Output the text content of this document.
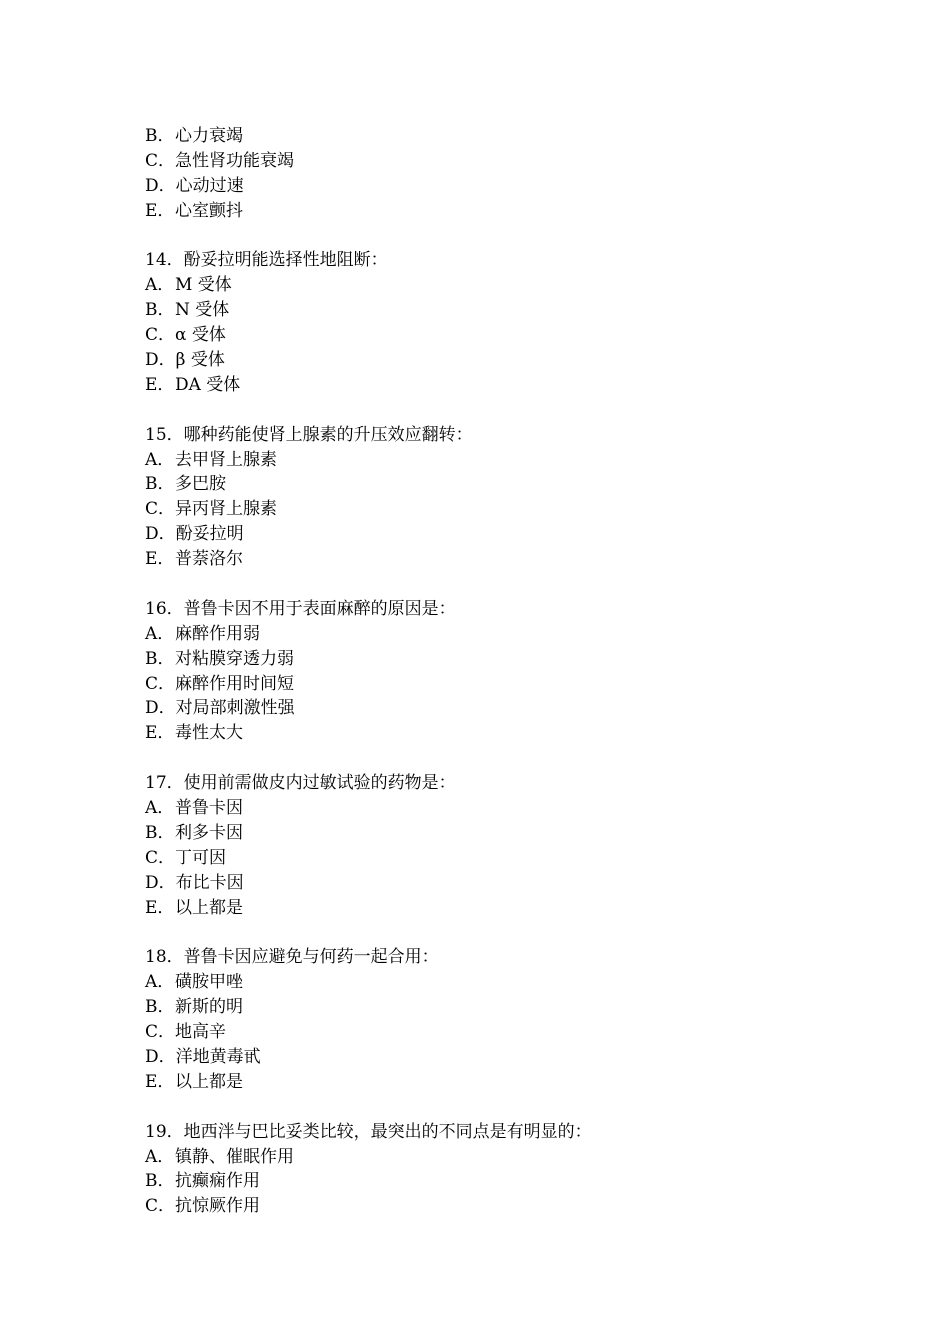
B．心力衰竭
C．急性肾功能衰竭
D．心动过速
E．心室颤抖
14．酚妥拉明能选择性地阻断：
A．M 受体
B．N 受体
C．α 受体
D．β 受体
E．DA 受体
15．哪种药能使肾上腺素的升压效应翻转：
A．去甲肾上腺素
B．多巴胺
C．异丙肾上腺素
D．酚妥拉明
E．普萘洛尔
16．普鲁卡因不用于表面麻醉的原因是：
A．麻醉作用弱
B．对粘膜穿透力弱
C．麻醉作用时间短
D．对局部刺激性强
E．毒性太大
17．使用前需做皮内过敏试验的药物是：
A．普鲁卡因
B．利多卡因
C．丁可因
D．布比卡因
E．以上都是
18．普鲁卡因应避免与何药一起合用：
A．磺胺甲唑
B．新斯的明
C．地高辛
D．洋地黄毒甙
E．以上都是
19．地西泮与巴比妥类比较，最突出的不同点是有明显的：
A．镇静、催眠作用
B．抗癫痫作用
C．抗惊厥作用
